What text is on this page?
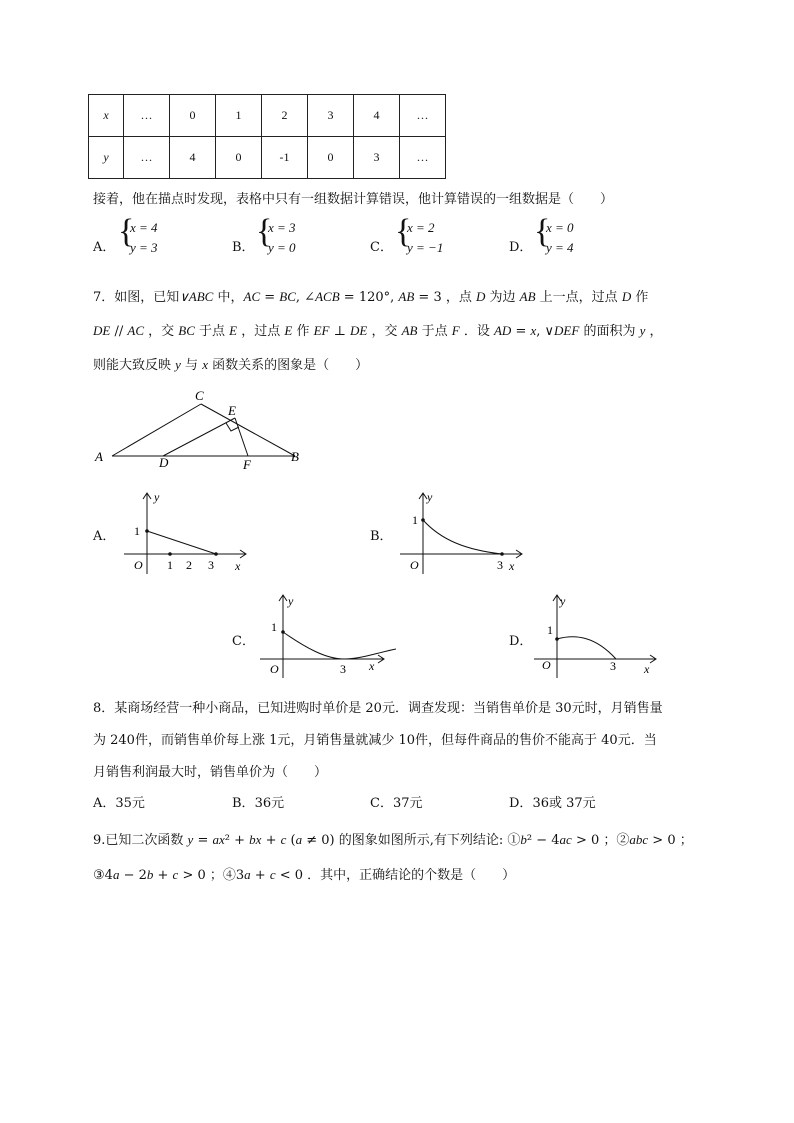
x	…	0	1	2	3	4	…
y	…	4	0	-1	0	3	…
接着，他在描点时发现，表格中只有一组数据计算错误，他计算错误的一组数据是（　　）
A． {
x = 4
y = 3	B． {
x = 3
y = 0	C． {
x = 2
y = −1	D． {
x = 0
y = 4
7．如图，已知∨ABC 中，AC = BC, ∠ACB = 120°, AB = 3 ，点 D 为边 AB 上一点，过点 D 作
DE // AC ，交 BC 于点 E ，过点 E 作 EF ⊥ DE ，交 AB 于点 F ．设 AD = x, ∨DEF 的面积为 y ，
则能大致反映 y 与 x 函数关系的图象是（　　）
A	B
C
D
E
F
A．
y
x
O
1
1 2 3
B．
y
x
O
1
3
C．
y
x
O
1
3
D．
y
x
O
1
3
8．某商场经营一种小商品，已知进购时单价是 20元．调查发现：当销售单价是 30元时，月销售量
为 240件，而销售单价每上涨 1元，月销售量就减少 10件，但每件商品的售价不能高于 40元．当
月销售利润最大时，销售单价为（　　）
A．35元	B．36元	C．37元	D．36或 37元
9.已知二次函数 y = ax² + bx + c (a ≠ 0) 的图象如图所示,有下列结论: ①b² − 4ac > 0 ；②abc > 0 ；
③4a − 2b + c > 0 ；④3a + c < 0 ．其中，正确结论的个数是（　　）
